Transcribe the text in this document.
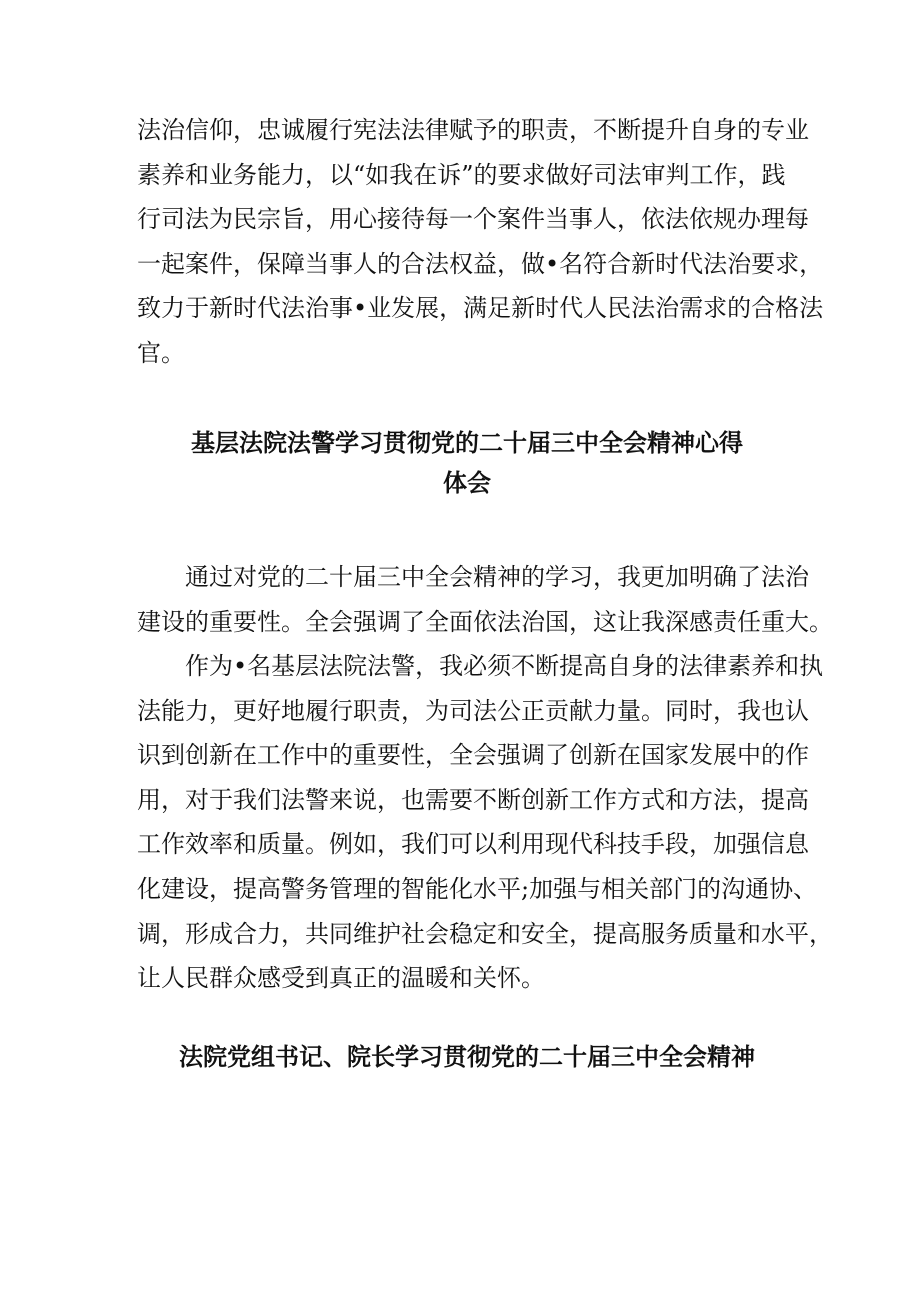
法治信仰，忠诚履行宪法法律赋予的职责，不断提升自身的专业
素养和业务能力，以“如我在诉”的要求做好司法审判工作，践
行司法为民宗旨，用心接待每一个案件当事人，依法依规办理每
一起案件，保障当事人的合法权益，做•名符合新时代法治要求，
致力于新时代法治事•业发展，满足新时代人民法治需求的合格法
官。
基层法院法警学习贯彻党的二十届三中全会精神心得
体会
通过对党的二十届三中全会精神的学习，我更加明确了法治
建设的重要性。全会强调了全面依法治国，这让我深感责任重大。
作为•名基层法院法警，我必须不断提高自身的法律素养和执
法能力，更好地履行职责，为司法公正贡献力量。同时，我也认
识到创新在工作中的重要性，全会强调了创新在国家发展中的作
用，对于我们法警来说，也需要不断创新工作方式和方法，提高
工作效率和质量。例如，我们可以利用现代科技手段，加强信息
化建设，提高警务管理的智能化水平;加强与相关部门的沟通协、
调，形成合力，共同维护社会稳定和安全，提高服务质量和水平，
让人民群众感受到真正的温暖和关怀。
法院党组书记、院长学习贯彻党的二十届三中全会精神
